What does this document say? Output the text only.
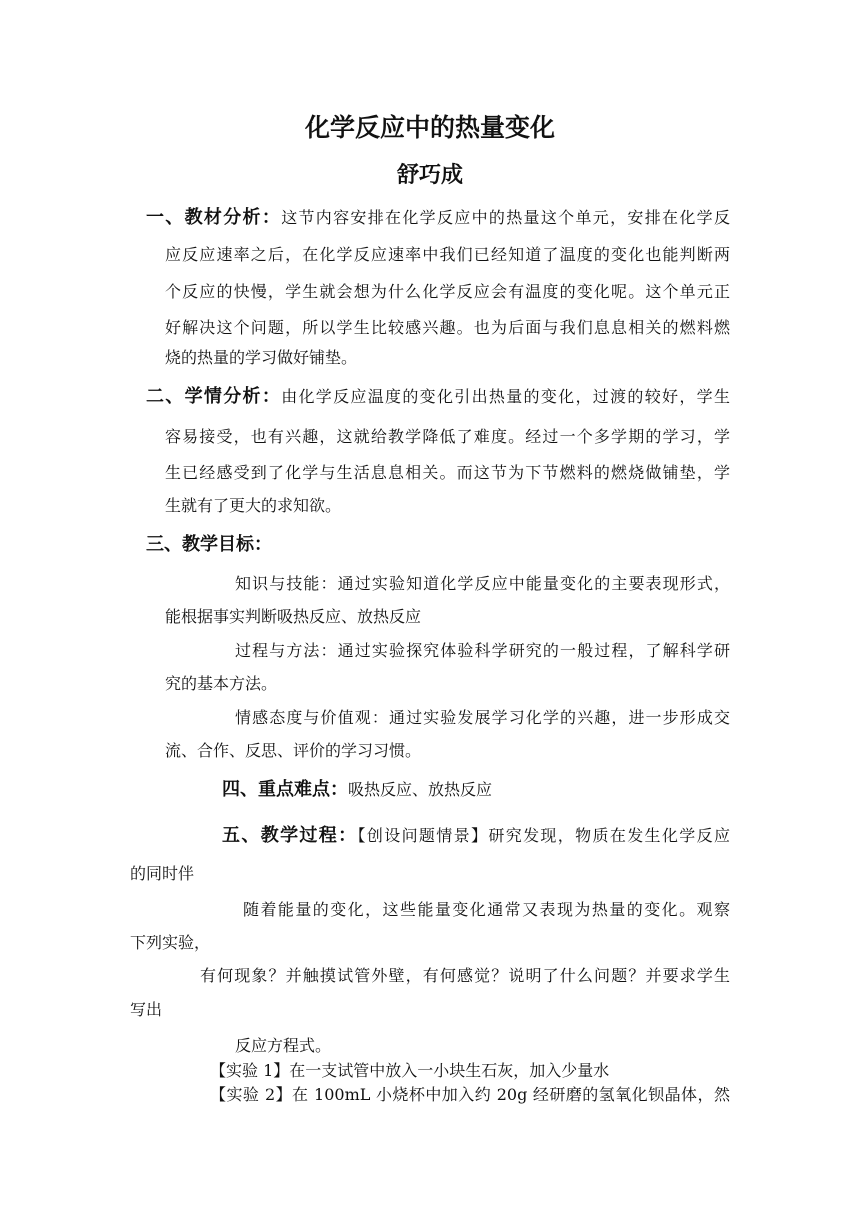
化学反应中的热量变化
舒巧成
一、教材分析：这节内容安排在化学反应中的热量这个单元，安排在化学反
应反应速率之后，在化学反应速率中我们已经知道了温度的变化也能判断两
个反应的快慢，学生就会想为什么化学反应会有温度的变化呢。这个单元正
好解决这个问题，所以学生比较感兴趣。也为后面与我们息息相关的燃料燃
烧的热量的学习做好铺垫。
二、学情分析：由化学反应温度的变化引出热量的变化，过渡的较好，学生
容易接受，也有兴趣，这就给教学降低了难度。经过一个多学期的学习，学
生已经感受到了化学与生活息息相关。而这节为下节燃料的燃烧做铺垫，学
生就有了更大的求知欲。
三、教学目标：
知识与技能：通过实验知道化学反应中能量变化的主要表现形式，
能根据事实判断吸热反应、放热反应
过程与方法：通过实验探究体验科学研究的一般过程，了解科学研
究的基本方法。
情感态度与价值观：通过实验发展学习化学的兴趣，进一步形成交
流、合作、反思、评价的学习习惯。
四、重点难点：吸热反应、放热反应
五、教学过程：【创设问题情景】研究发现，物质在发生化学反应
的同时伴
随着能量的变化，这些能量变化通常又表现为热量的变化。观察
下列实验，
有何现象？并触摸试管外壁，有何感觉？说明了什么问题？并要求学生
写出
反应方程式。
【实验 1】在一支试管中放入一小块生石灰，加入少量水
【实验 2】在 100mL 小烧杯中加入约 20g 经研磨的氢氧化钡晶体，然
